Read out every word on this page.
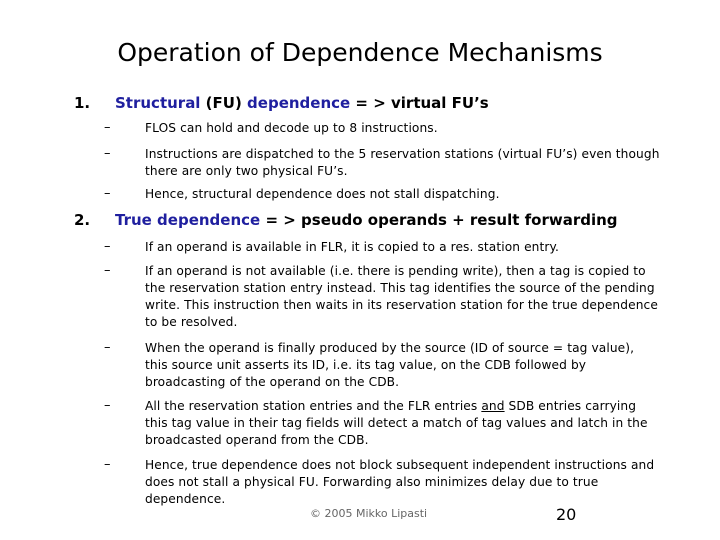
Operation of Dependence Mechanisms
1. Structural (FU) dependence = > virtual FU’s
–	FLOS can hold and decode up to 8 instructions.
–	Instructions are dispatched to the 5 reservation stations (virtual FU’s) even though there are only two physical FU’s.
–	Hence, structural dependence does not stall dispatching.
2. True dependence = > pseudo operands + result forwarding
–	If an operand is available in FLR, it is copied to a res. station entry.
–	If an operand is not available (i.e. there is pending write), then a tag is copied to the reservation station entry instead. This tag identifies the source of the pending write. This instruction then waits in its reservation station for the true dependence to be resolved.
–	When the operand is finally produced by the source (ID of source = tag value), this source unit asserts its ID, i.e. its tag value, on the CDB followed by broadcasting of the operand on the CDB.
–	All the reservation station entries and the FLR entries and SDB entries carrying this tag value in their tag fields will detect a match of tag values and latch in the broadcasted operand from the CDB.
–	Hence, true dependence does not block subsequent independent instructions and does not stall a physical FU. Forwarding also minimizes delay due to true dependence.
© 2005 Mikko Lipasti	20
